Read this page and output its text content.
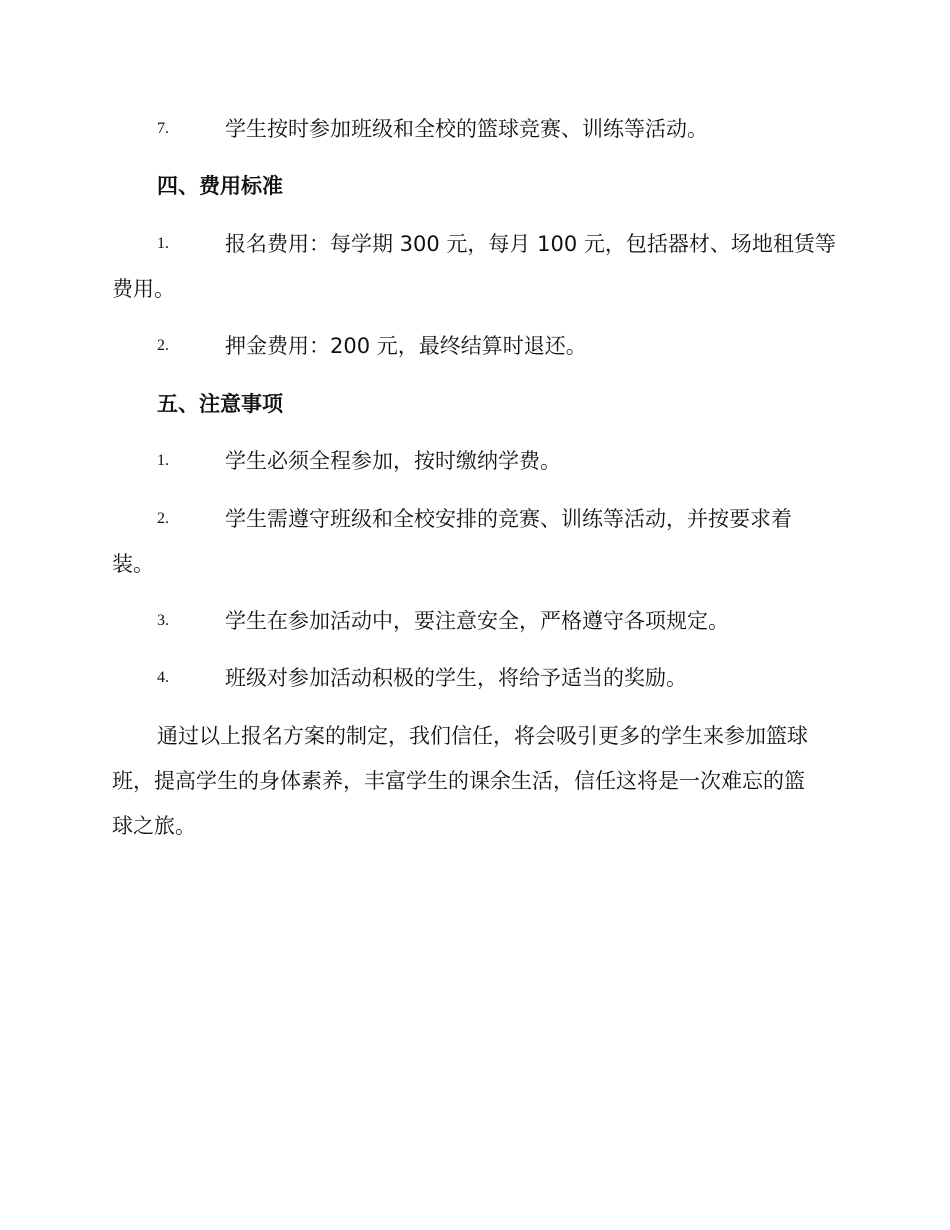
7.	学生按时参加班级和全校的篮球竞赛、训练等活动。
四、费用标准
1.	报名费用：每学期 300 元，每月 100 元，包括器材、场地租赁等
费用。
2.	押金费用：200 元，最终结算时退还。
五、注意事项
1.	学生必须全程参加，按时缴纳学费。
2.	学生需遵守班级和全校安排的竞赛、训练等活动，并按要求着
装。
3.	学生在参加活动中，要注意安全，严格遵守各项规定。
4.	班级对参加活动积极的学生，将给予适当的奖励。
通过以上报名方案的制定，我们信任，将会吸引更多的学生来参加篮球
班，提高学生的身体素养，丰富学生的课余生活，信任这将是一次难忘的篮
球之旅。
